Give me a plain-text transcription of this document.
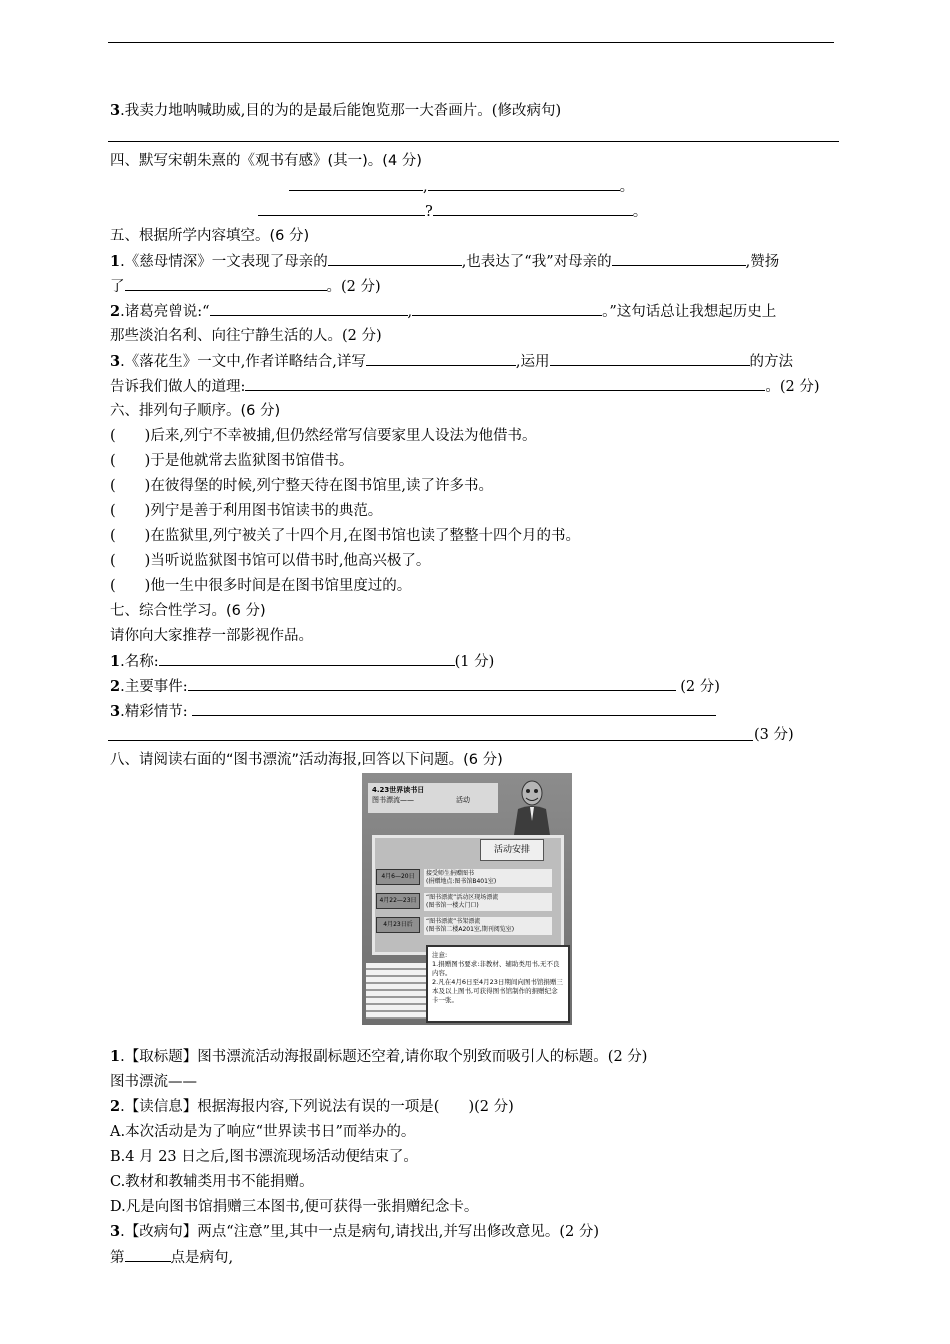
3.我卖力地呐喊助威,目的为的是最后能饱览那一大沓画片。(修改病句)
四、默写宋朝朱熹的《观书有感》(其一)。(4 分)
,	。
?	。
五、根据所学内容填空。(6 分)
1.《慈母情深》一文表现了母亲的	,也表达了“我”对母亲的	,赞扬
了	。(2 分)
2.诸葛亮曾说:“	,	。”这句话总让我想起历史上
那些淡泊名利、向往宁静生活的人。(2 分)
3.《落花生》一文中,作者详略结合,详写	,运用	的方法
告诉我们做人的道理:	。(2 分)
六、排列句子顺序。(6 分)
(　　)后来,列宁不幸被捕,但仍然经常写信要家里人设法为他借书。
(　　)于是他就常去监狱图书馆借书。
(　　)在彼得堡的时候,列宁整天待在图书馆里,读了许多书。
(　　)列宁是善于利用图书馆读书的典范。
(　　)在监狱里,列宁被关了十四个月,在图书馆也读了整整十四个月的书。
(　　)当听说监狱图书馆可以借书时,他高兴极了。
(　　)他一生中很多时间是在图书馆里度过的。
七、综合性学习。(6 分)
请你向大家推荐一部影视作品。
1.名称:	(1 分)
2.主要事件:	(2 分)
3.精彩情节:
(3 分)
八、请阅读右面的“图书漂流”活动海报,回答以下问题。(6 分)
4.23世界读书日
图书漂流——	活动
活动安排
4月6—20日 接受师生捐赠图书
(捐赠地点:图书馆B401室)
4月22—23日 “图书漂流”活动区现场漂流
(图书馆一楼大门口)
4月23日后 “图书漂流”书架漂流
(图书馆二楼A201室,期刊阅览室)
注意:
1.捐赠图书要求:非教材、辅助类用书,无不良内容。
2.凡在4月6日至4月23日期间向图书馆捐赠三本及以上图书,可获得图书馆制作的捐赠纪念卡一张。
1.【取标题】图书漂流活动海报副标题还空着,请你取个别致而吸引人的标题。(2 分)
图书漂流——
2.【读信息】根据海报内容,下列说法有误的一项是(　　)(2 分)
A.本次活动是为了响应“世界读书日”而举办的。
B.4 月 23 日之后,图书漂流现场活动便结束了。
C.教材和教辅类用书不能捐赠。
D.凡是向图书馆捐赠三本图书,便可获得一张捐赠纪念卡。
3.【改病句】两点“注意”里,其中一点是病句,请找出,并写出修改意见。(2 分)
第	点是病句,
